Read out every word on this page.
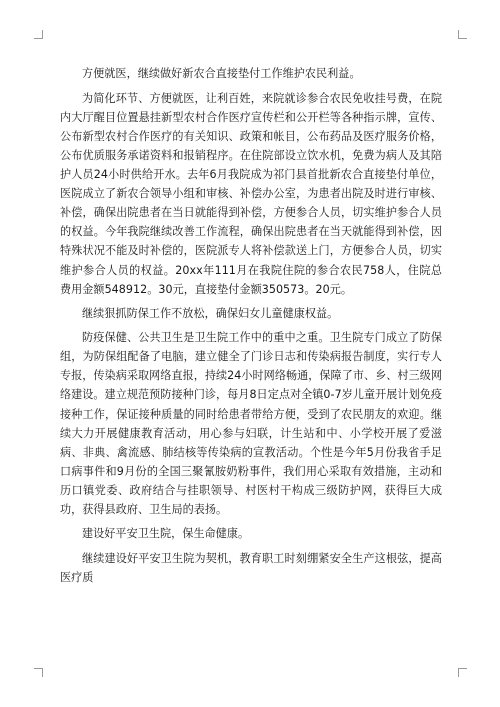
方便就医，继续做好新农合直接垫付工作维护农民利益。

为简化环节、方便就医，让利百姓，来院就诊参合农民免收挂号费，在院内大厅醒目位置悬挂新型农村合作医疗宣传栏和公开栏等各种指示牌，宣传、公布新型农村合作医疗的有关知识、政策和帐目，公布药品及医疗服务价格，公布优质服务承诺资料和报销程序。在住院部设立饮水机，免费为病人及其陪护人员24小时供给开水。去年6月我院成为祁门县首批新农合直接垫付单位，医院成立了新农合领导小组和审核、补偿办公室，为患者出院及时进行审核、补偿，确保出院患者在当日就能得到补偿，方便参合人员，切实维护参合人员的权益。今年我院继续改善工作流程，确保出院患者在当天就能得到补偿，因特殊状况不能及时补偿的，医院派专人将补偿款送上门，方便参合人员，切实维护参合人员的权益。20xx年111月在我院住院的参合农民758人，住院总费用金额548912。30元，直接垫付金额350573。20元。

继续狠抓防保工作不放松，确保妇女儿童健康权益。

防疫保健、公共卫生是卫生院工作中的重中之重。卫生院专门成立了防保组，为防保组配备了电脑，建立健全了门诊日志和传染病报告制度，实行专人专报，传染病采取网络直报，持续24小时网络畅通，保障了市、乡、村三级网络建设。建立规范预防接种门诊，每月8日定点对全镇0-7岁儿童开展计划免疫接种工作，保证接种质量的同时给患者带给方便，受到了农民朋友的欢迎。继续大力开展健康教育活动，用心参与妇联，计生站和中、小学校开展了爱滋病、非典、禽流感、肺结核等传染病的宣教活动。个性是今年5月份我省手足口病事件和9月份的全国三聚氰胺奶粉事件，我们用心采取有效措施，主动和历口镇党委、政府结合与挂职领导、村医村干构成三级防护网，获得巨大成功，获得县政府、卫生局的表扬。

建设好平安卫生院，保生命健康。

继续建设好平安卫生院为契机，教育职工时刻绷紧安全生产这根弦，提高医疗质
